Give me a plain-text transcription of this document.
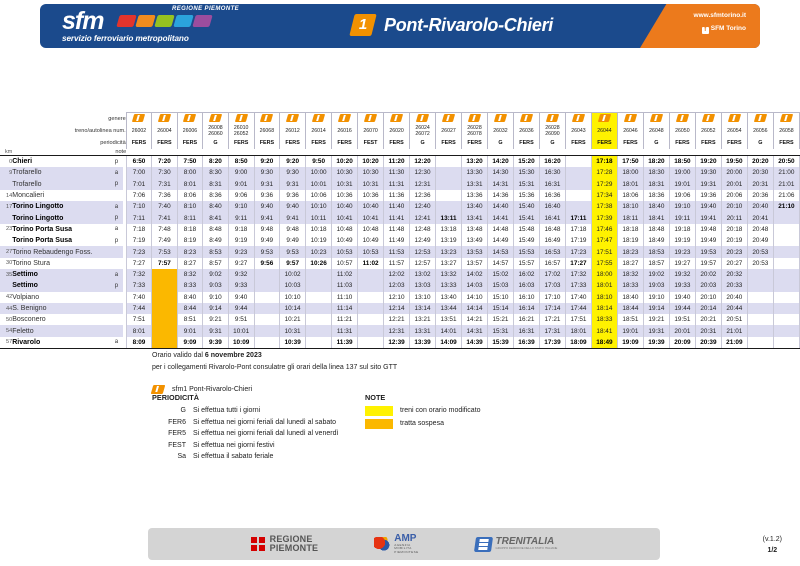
REGIONE PIEMONTE
sfm
servizio ferroviario metropolitano
1 Pont-Rivarolo-Chieri	www.sfmtorino.it
f SFM Torino
genere																													
treno/autolinea num.	26002	26004	26006	26008
26060

26010
26052	26068	26012	26014	26016	26070	26020	26024
26072	26027	26028
26078	26032	26036	26028
26090	26043	26044	26046	26048	26050	26052	26054	26056	26058

periodicità				FERS	FERS	FERS	G	FERS	FERS	FERS	FERS	FERS	FEST	FERS	G	FERS	FERS	G	FERS	G	FERS	FERS	FERS	G	FERS	FERS	FERS	G	FERS
km		note																											
0	Chieri	p		6:50	7:20	7:50	8:20	8:50	9:20	9:20	9:50	10:20	10:20	11:20	12:20		13:20	14:20	15:20	16:20		17:18	17:50	18:20	18:50	19:20	19:50	20:20	20:50
9	Trofarello	a		7:00	7:30	8:00	8:30	9:00	9:30	9:30	10:00	10:30	10:30	11:30	12:30		13:30	14:30	15:30	16:30		17:28	18:00	18:30	19:00	19:30	20:00	20:30	21:00
	Trofarello	p		7:01	7:31	8:01	8:31	9:01	9:31	9:31	10:01	10:31	10:31	11:31	12:31		13:31	14:31	15:31	16:31		17:29	18:01	18:31	19:01	19:31	20:01	20:31	21:01
14	Moncalieri			7:06	7:36	8:06	8:36	9:06	9:36	9:36	10:06	10:36	10:36	11:36	12:36		13:36	14:36	15:36	16:36		17:34	18:06	18:36	19:06	19:36	20:06	20:36	21:06
17	Torino Lingotto	a		7:10	7:40	8:10	8:40	9:10	9:40	9:40	10:10	10:40	10:40	11:40	12:40		13:40	14:40	15:40	16:40		17:38	18:10	18:40	19:10	19:40	20:10	20:40	21:10
	Torino Lingotto	p		7:11	7:41	8:11	8:41	9:11	9:41	9:41	10:11	10:41	10:41	11:41	12:41	13:11	13:41	14:41	15:41	16:41	17:11	17:39	18:11	18:41	19:11	19:41	20:11	20:41	
23	Torino Porta Susa	a		7:18	7:48	8:18	8:48	9:18	9:48	9:48	10:18	10:48	10:48	11:48	12:48	13:18	13:48	14:48	15:48	16:48	17:18	17:46	18:18	18:48	19:18	19:48	20:18	20:48	
	Torino Porta Susa	p		7:19	7:49	8:19	8:49	9:19	9:49	9:49	10:19	10:49	10:49	11:49	12:49	13:19	13:49	14:49	15:49	16:49	17:19	17:47	18:19	18:49	19:19	19:49	20:19	20:49	
27	Torino Rebaudengo Foss.			7:23	7:53	8:23	8:53	9:23	9:53	9:53	10:23	10:53	10:53	11:53	12:53	13:23	13:53	14:53	15:53	16:53	17:23	17:51	18:23	18:53	19:23	19:53	20:23	20:53	
30	Torino Stura			7:27	7:57	8:27	8:57	9:27	9:56	9:57	10:26	10:57	11:02	11:57	12:57	13:27	13:57	14:57	15:57	16:57	17:27	17:55	18:27	18:57	19:27	19:57	20:27	20:53	
35	Settimo	a		7:32		8:32	9:02	9:32		10:02		11:02		12:02	13:02	13:32	14:02	15:02	16:02	17:02	17:32	18:00	18:32	19:02	19:32	20:02	20:32		
	Settimo	p		7:33		8:33	9:03	9:33		10:03		11:03		12:03	13:03	13:33	14:03	15:03	16:03	17:03	17:33	18:01	18:33	19:03	19:33	20:03	20:33		
42	Volpiano			7:40		8:40	9:10	9:40		10:10		11:10		12:10	13:10	13:40	14:10	15:10	16:10	17:10	17:40	18:10	18:40	19:10	19:40	20:10	20:40		
44	S. Benigno			7:44		8:44	9:14	9:44		10:14		11:14		12:14	13:14	13:44	14:14	15:14	16:14	17:14	17:44	18:14	18:44	19:14	19:44	20:14	20:44		
50	Bosconero			7:51		8:51	9:21	9:51		10:21		11:21		12:21	13:21	13:51	14:21	15:21	16:21	17:21	17:51	18:33	18:51	19:21	19:51	20:21	20:51		
54	Feletto			8:01		9:01	9:31	10:01		10:31		11:31		12:31	13:31	14:01	14:31	15:31	16:31	17:31	18:01	18:41	19:01	19:31	20:01	20:31	21:01		
57	Rivarolo	a		8:09		9:09	9:39	10:09		10:39		11:39		12:39	13:39	14:09	14:39	15:39	16:39	17:39	18:09	18:49	19:09	19:39	20:09	20:39	21:09		
Orario valido dal 6 novembre 2023
per i collegamenti Rivarolo-Pont consulatre gli orari della linea 137 sul sito GTT
sfm1 Pont-Rivarolo-Chieri
PERIODICITÀ
G	Si effettua tutti i giorni
FER6	Si effettua nei giorni feriali dal lunedì al sabato
FER5	Si effettua nei giorni feriali dal lunedì al venerdì
FEST	Si effettua nei giorni festivi
Sa	Si effettua il sabato feriale
NOTE
treni con orario modificato
tratta sospesa
REGIONE
PIEMONTE
AMP
AGENZIA
MOBILITA
PIEMONTESE
TRENITALIA
GRUPPO FERROVIE DELLO STATO ITALIANE
(v.1.2)
1/2
